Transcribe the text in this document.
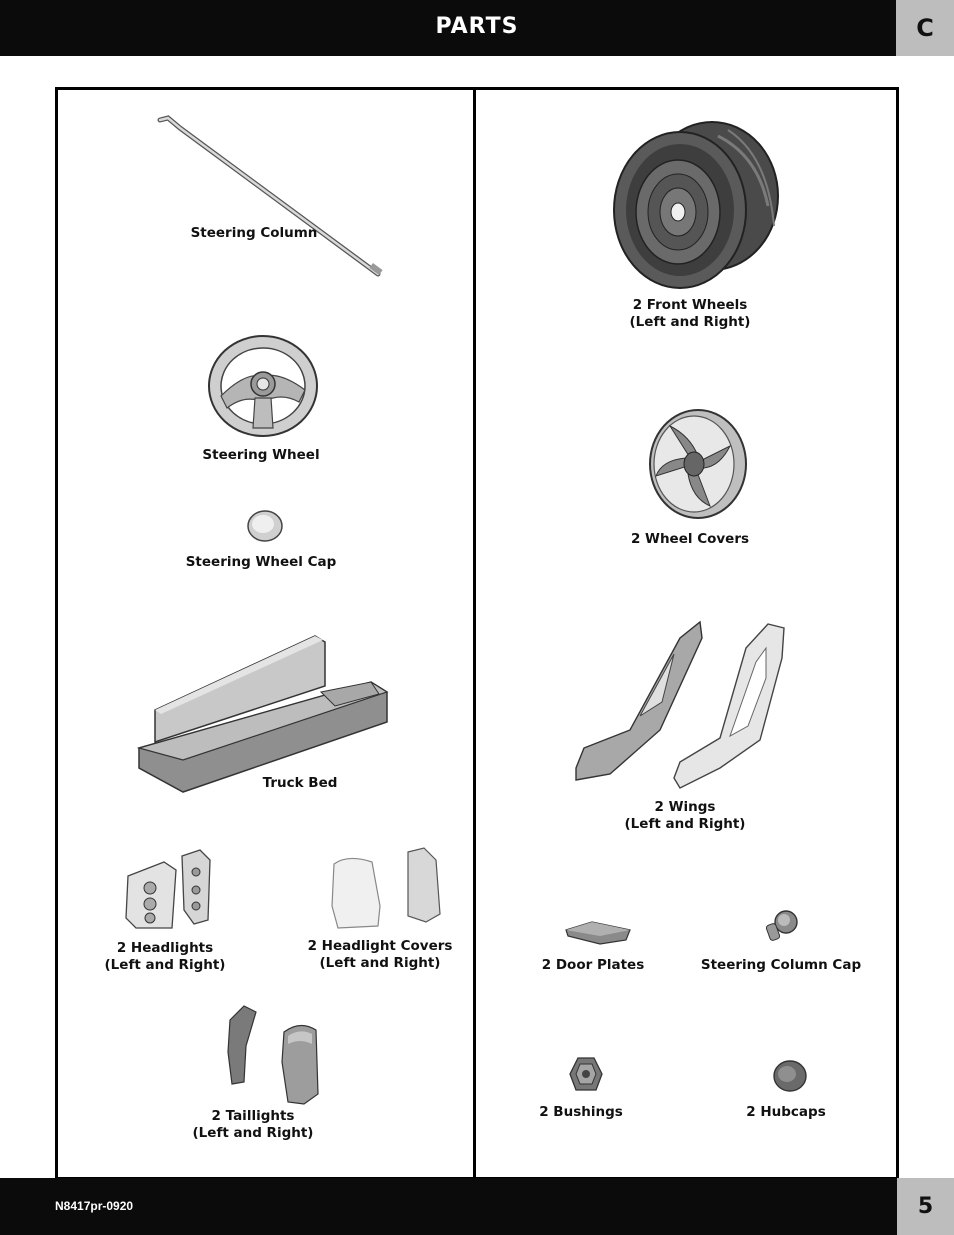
PARTS	C
Steering Column
Steering Wheel
Steering Wheel Cap
Truck Bed
2 Headlights
(Left and Right)
2 Headlight Covers
(Left and Right)
2 Taillights
(Left and Right)
2 Front Wheels
(Left and Right)
2 Wheel Covers
2 Wings
(Left and Right)
2 Door Plates	Steering Column Cap
2 Bushings	2 Hubcaps
N8417pr-0920	5
